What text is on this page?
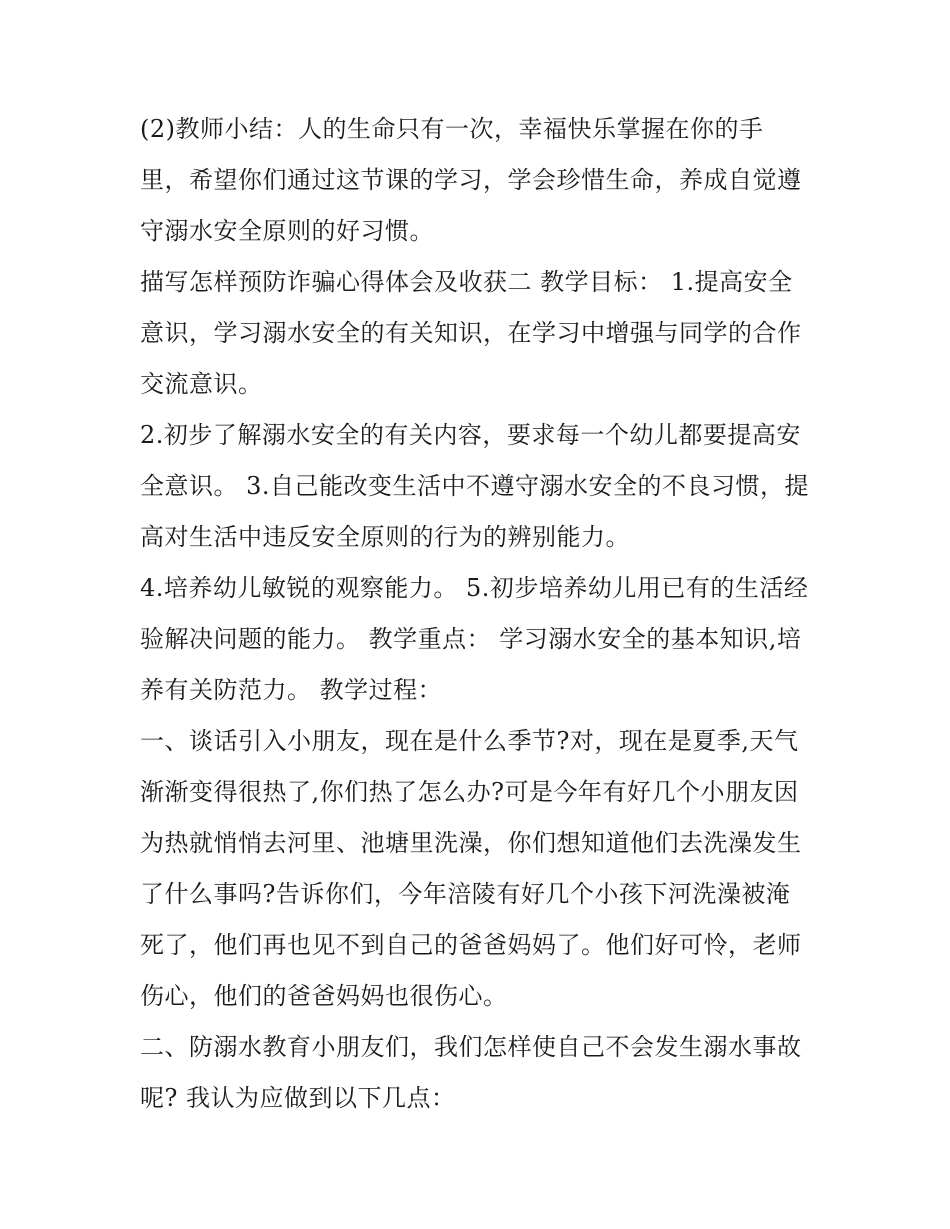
(2)教师小结：人的生命只有一次，幸福快乐掌握在你的手
里，希望你们通过这节课的学习，学会珍惜生命，养成自觉遵
守溺水安全原则的好习惯。
描写怎样预防诈骗心得体会及收获二 教学目标： 1.提高安全
意识，学习溺水安全的有关知识，在学习中增强与同学的合作
交流意识。
2.初步了解溺水安全的有关内容，要求每一个幼儿都要提高安
全意识。 3.自己能改变生活中不遵守溺水安全的不良习惯，提
高对生活中违反安全原则的行为的辨别能力。
4.培养幼儿敏锐的观察能力。 5.初步培养幼儿用已有的生活经
验解决问题的能力。 教学重点： 学习溺水安全的基本知识,培
养有关防范力。 教学过程：
一、谈话引入小朋友，现在是什么季节?对，现在是夏季,天气
渐渐变得很热了,你们热了怎么办?可是今年有好几个小朋友因
为热就悄悄去河里、池塘里洗澡，你们想知道他们去洗澡发生
了什么事吗?告诉你们，今年涪陵有好几个小孩下河洗澡被淹
死了，他们再也见不到自己的爸爸妈妈了。他们好可怜，老师
伤心，他们的爸爸妈妈也很伤心。
二、防溺水教育小朋友们，我们怎样使自己不会发生溺水事故
呢? 我认为应做到以下几点：
